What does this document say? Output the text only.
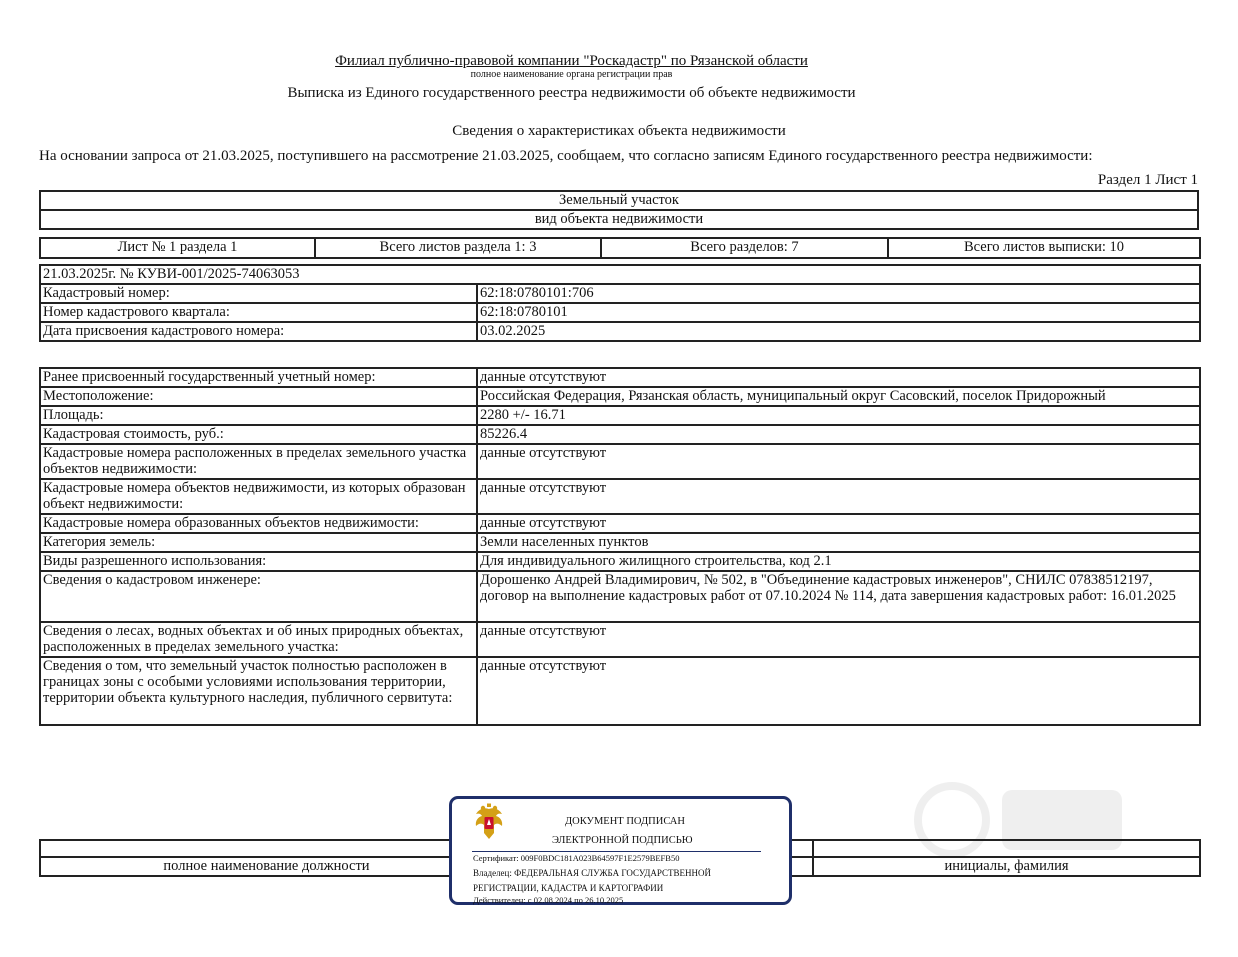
Филиал публично-правовой компании "Роскадастр" по Рязанской области
полное наименование органа регистрации прав
Выписка из Единого государственного реестра недвижимости об объекте недвижимости
Сведения о характеристиках объекта недвижимости
На основании запроса от 21.03.2025, поступившего на рассмотрение 21.03.2025, сообщаем, что согласно записям Единого государственного реестра недвижимости:
Раздел 1 Лист 1
Земельный участок
вид объекта недвижимости
Лист № 1 раздела 1	Всего листов раздела 1: 3	Всего разделов: 7	Всего листов выписки: 10
21.03.2025г. № КУВИ-001/2025-74063053	
Кадастровый номер:	62:18:0780101:706
Номер кадастрового квартала:	62:18:0780101
Дата присвоения кадастрового номера:	03.02.2025
Ранее присвоенный государственный учетный номер:	данные отсутствуют
Местоположение:	Российская Федерация, Рязанская область, муниципальный округ Сасовский, поселок Придорожный
Площадь:	2280 +/- 16.71
Кадастровая стоимость, руб.:	85226.4
Кадастровые номера расположенных в пределах земельного участка объектов недвижимости:	данные отсутствуют
Кадастровые номера объектов недвижимости, из которых образован объект недвижимости:	данные отсутствуют
Кадастровые номера образованных объектов недвижимости:	данные отсутствуют
Категория земель:	Земли населенных пунктов
Виды разрешенного использования:	Для индивидуального жилищного строительства, код 2.1
Сведения о кадастровом инженере:	Дорошенко Андрей Владимирович, № 502, в "Объединение кадастровых инженеров", СНИЛС 07838512197, договор на выполнение кадастровых работ от 07.10.2024 № 114, дата завершения кадастровых работ: 16.01.2025
Сведения о лесах, водных объектах и об иных природных объектах, расположенных в пределах земельного участка:	данные отсутствуют
Сведения о том, что земельный участок полностью расположен в границах зоны с особыми условиями использования территории, территории объекта культурного наследия, публичного сервитута:	данные отсутствуют

полное наименование должности		инициалы, фамилия
ДОКУМЕНТ ПОДПИСАН
ЭЛЕКТРОННОЙ ПОДПИСЬЮ
Сертификат: 009F0BDC181A023B64597F1E2579BEFB50
Владелец: ФЕДЕРАЛЬНАЯ СЛУЖБА ГОСУДАРСТВЕННОЙ
РЕГИСТРАЦИИ, КАДАСТРА И КАРТОГРАФИИ
Действителен: с 02.08.2024 по 26.10.2025
